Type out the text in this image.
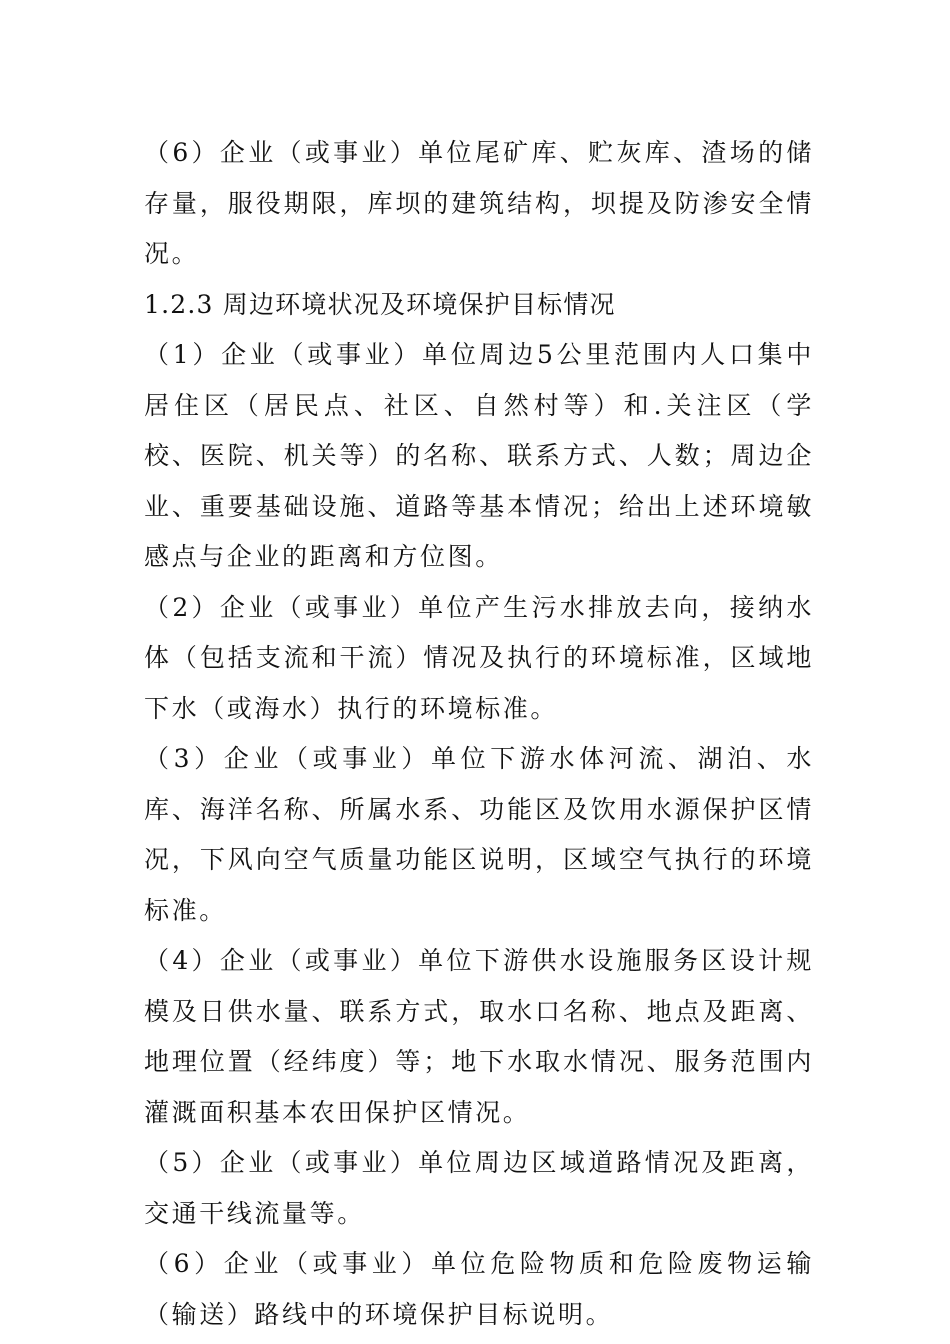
（6）企业（或事业）单位尾矿库、贮灰库、渣场的储存量，服役期限，库坝的建筑结构，坝提及防渗安全情况。

1.2.3 周边环境状况及环境保护目标情况

（1）企业（或事业）单位周边5公里范围内人口集中居住区（居民点、社区、自然村等）和.关注区（学校、医院、机关等）的名称、联系方式、人数；周边企业、重要基础设施、道路等基本情况；给出上述环境敏感点与企业的距离和方位图。

（2）企业（或事业）单位产生污水排放去向，接纳水体（包括支流和干流）情况及执行的环境标准，区域地下水（或海水）执行的环境标准。

（3）企业（或事业）单位下游水体河流、湖泊、水库、海洋名称、所属水系、功能区及饮用水源保护区情况，下风向空气质量功能区说明，区域空气执行的环境标准。

（4）企业（或事业）单位下游供水设施服务区设计规模及日供水量、联系方式，取水口名称、地点及距离、地理位置（经纬度）等；地下水取水情况、服务范围内灌溉面积基本农田保护区情况。

（5）企业（或事业）单位周边区域道路情况及距离，交通干线流量等。

（6）企业（或事业）单位危险物质和危险废物运输（输送）路线中的环境保护目标说明。
